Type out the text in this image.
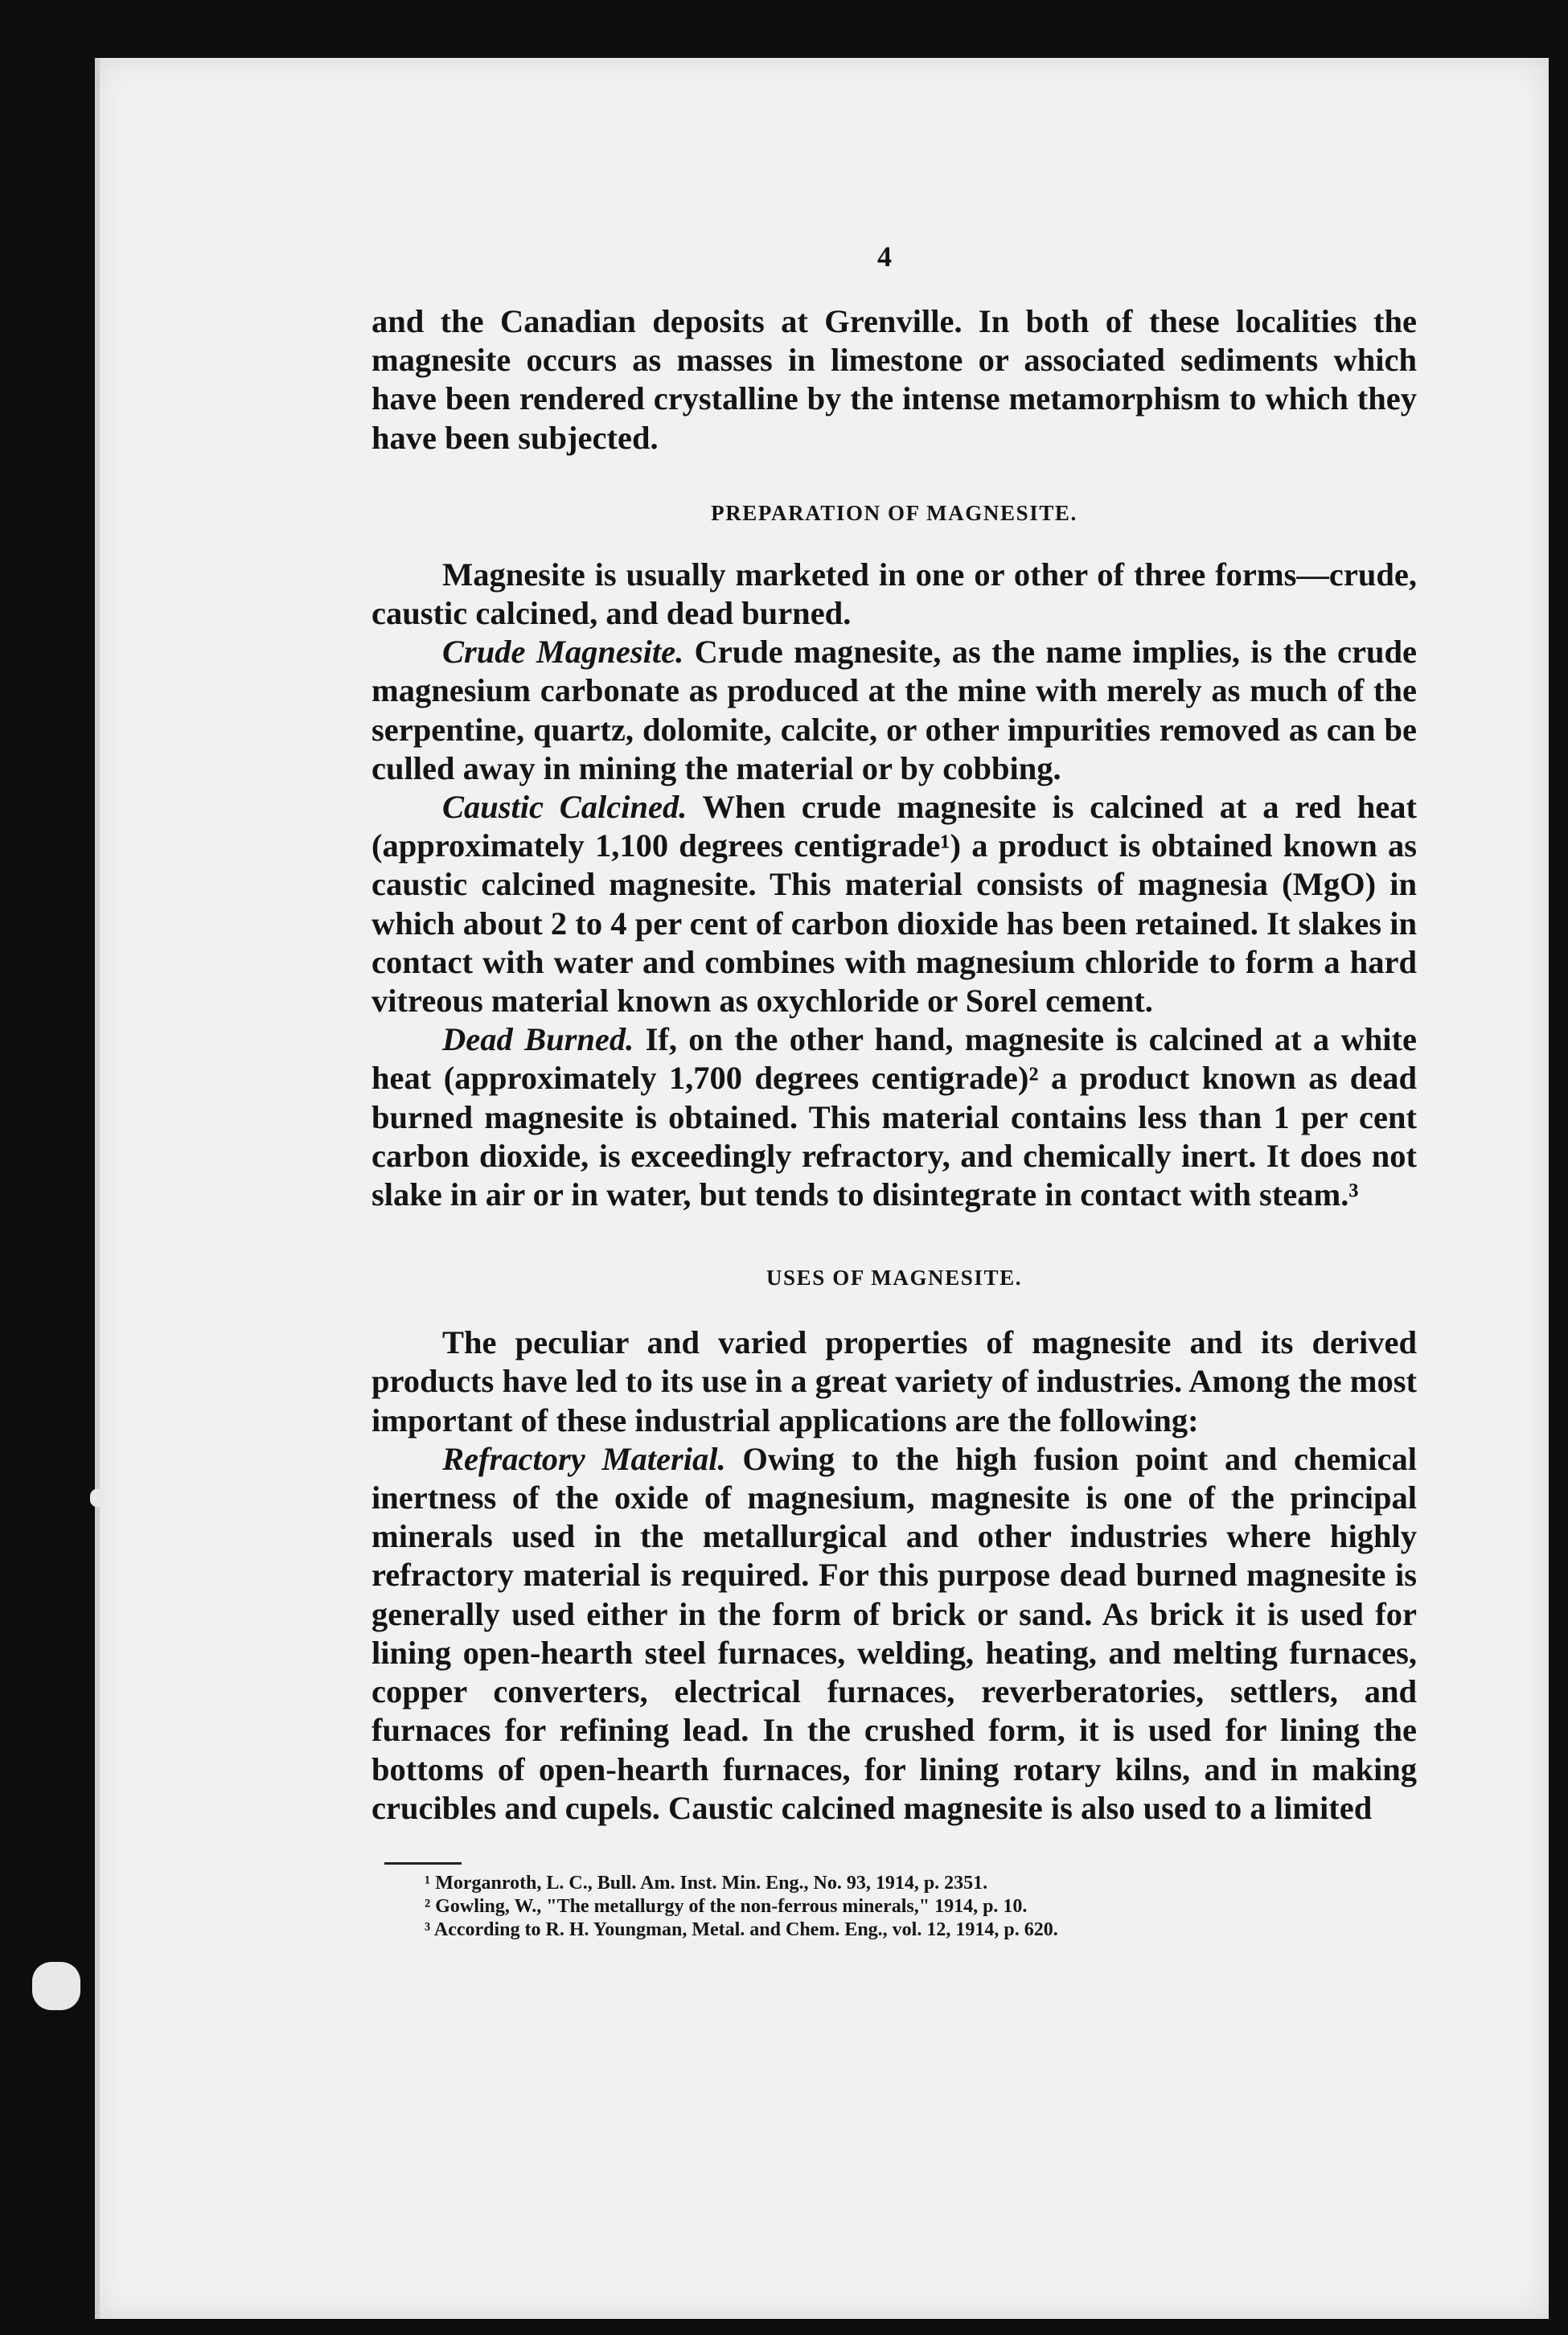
4

and the Canadian deposits at Grenville. In both of these localities the magnesite occurs as masses in limestone or associated sediments which have been rendered crystalline by the intense metamorphism to which they have been subjected.

PREPARATION OF MAGNESITE.

Magnesite is usually marketed in one or other of three forms—crude, caustic calcined, and dead burned.

Crude Magnesite. Crude magnesite, as the name implies, is the crude magnesium carbonate as produced at the mine with merely as much of the serpentine, quartz, dolomite, calcite, or other impurities removed as can be culled away in mining the material or by cobbing.

Caustic Calcined. When crude magnesite is calcined at a red heat (approximately 1,100 degrees centigrade¹) a product is obtained known as caustic calcined magnesite. This material consists of magnesia (MgO) in which about 2 to 4 per cent of carbon dioxide has been retained. It slakes in contact with water and combines with magnesium chloride to form a hard vitreous material known as oxychloride or Sorel cement.

Dead Burned. If, on the other hand, magnesite is calcined at a white heat (approximately 1,700 degrees centigrade)² a product known as dead burned magnesite is obtained. This material contains less than 1 per cent carbon dioxide, is exceedingly refractory, and chemically inert. It does not slake in air or in water, but tends to disintegrate in contact with steam.³

USES OF MAGNESITE.

The peculiar and varied properties of magnesite and its derived products have led to its use in a great variety of industries. Among the most important of these industrial applications are the following:

Refractory Material. Owing to the high fusion point and chemical inertness of the oxide of magnesium, magnesite is one of the principal minerals used in the metallurgical and other industries where highly refractory material is required. For this purpose dead burned magnesite is generally used either in the form of brick or sand. As brick it is used for lining open-hearth steel furnaces, welding, heating, and melting furnaces, copper converters, electrical furnaces, reverberatories, settlers, and furnaces for refining lead. In the crushed form, it is used for lining the bottoms of open-hearth furnaces, for lining rotary kilns, and in making crucibles and cupels. Caustic calcined magnesite is also used to a limited

¹ Morganroth, L. C., Bull. Am. Inst. Min. Eng., No. 93, 1914, p. 2351.
² Gowling, W., "The metallurgy of the non-ferrous minerals," 1914, p. 10.
³ According to R. H. Youngman, Metal. and Chem. Eng., vol. 12, 1914, p. 620.
